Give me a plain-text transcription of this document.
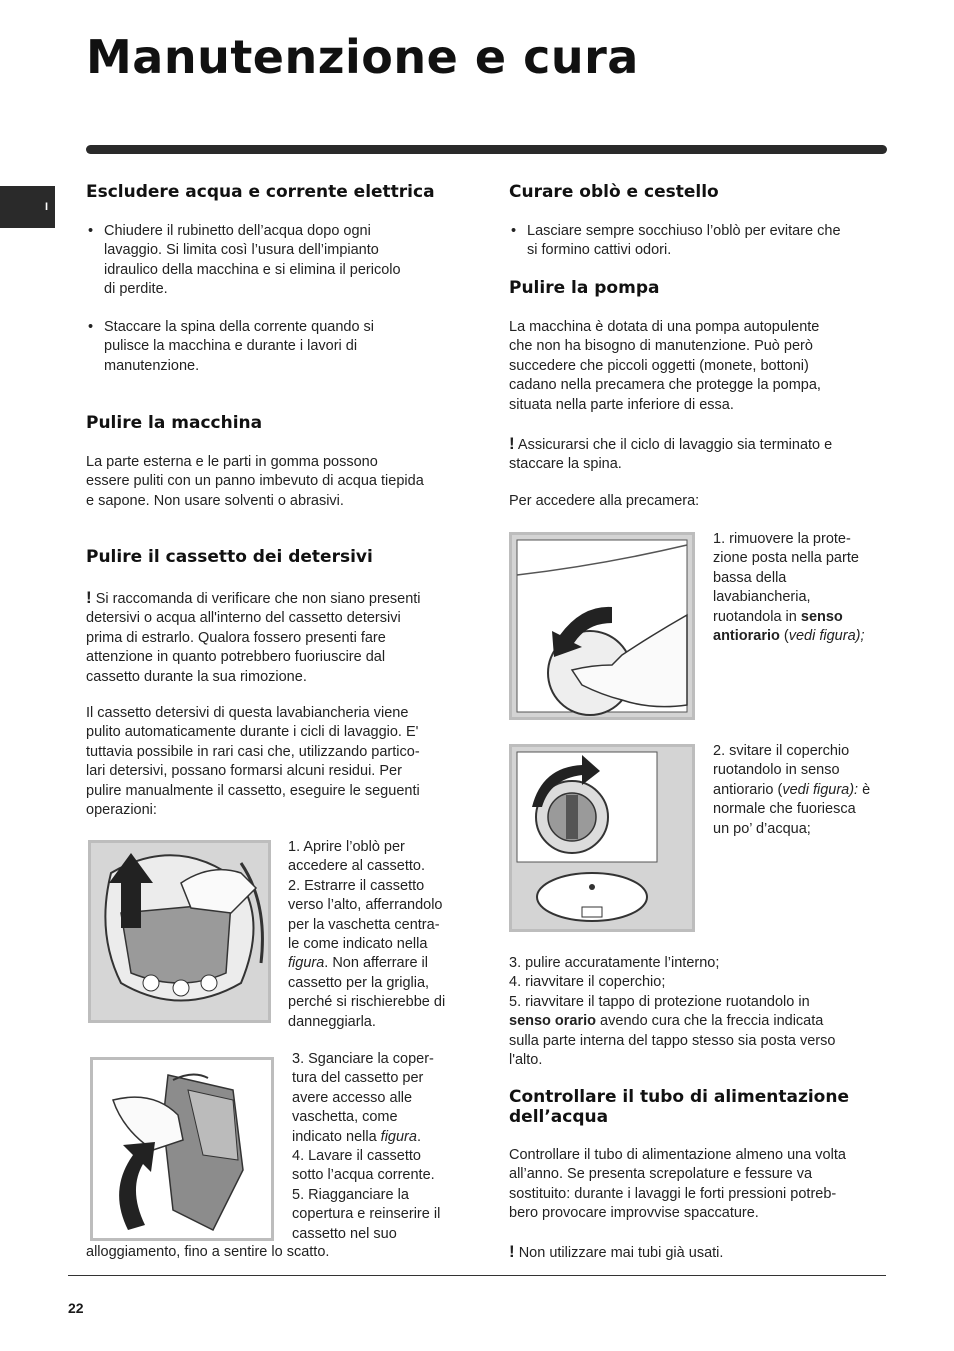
Manutenzione e cura
I
Escludere acqua e corrente elettrica
• Chiudere il rubinetto dell’acqua dopo ogni
lavaggio. Si limita così l’usura dell’impianto
idraulico della macchina e si elimina il pericolo
di perdite.
• Staccare la spina della corrente quando si
pulisce la macchina e durante i lavori di
manutenzione.
Pulire la macchina
La parte esterna e le parti in gomma possono
essere puliti con un panno imbevuto di acqua tiepida
e sapone. Non usare solventi o abrasivi.
Pulire il cassetto dei detersivi
! Si raccomanda di verificare che non siano presenti
detersivi o acqua all'interno del cassetto detersivi
prima di estrarlo. Qualora fossero presenti fare
attenzione in quanto potrebbero fuoriuscire dal
cassetto durante la sua rimozione.
Il cassetto detersivi di questa lavabiancheria viene
pulito automaticamente durante i cicli di lavaggio. E'
tuttavia possibile in rari casi che, utilizzando partico-
lari detersivi, possano formarsi alcuni residui. Per
pulire manualmente il cassetto, eseguire le seguenti
operazioni:
1. Aprire l’oblò per
accedere al cassetto.
2. Estrarre il cassetto
verso l’alto, afferrandolo
per la vaschetta centra-
le come indicato nella
figura. Non afferrare il
cassetto per la griglia,
perché si rischierebbe di
danneggiarla.
3. Sganciare la coper-
tura del cassetto per
avere accesso alle
vaschetta, come
indicato nella figura.
4. Lavare il cassetto
sotto l’acqua corrente.
5. Riagganciare la
copertura e reinserire il
cassetto nel suo
alloggiamento, fino a sentire lo scatto.
Curare oblò e cestello
• Lasciare sempre socchiuso l’oblò per evitare che
si formino cattivi odori.
Pulire la pompa
La macchina è dotata di una pompa autopulente
che non ha bisogno di manutenzione. Può però
succedere che piccoli oggetti (monete, bottoni)
cadano nella precamera che protegge la pompa,
situata nella parte inferiore di essa.
! Assicurarsi che il ciclo di lavaggio sia terminato e
staccare la spina.
Per accedere alla precamera:
1. rimuovere la prote-
zione posta nella parte
bassa della
lavabiancheria,
ruotandola in senso
antiorario (vedi figura);
2. svitare il coperchio
ruotandolo in senso
antiorario (vedi figura): è
normale che fuoriesca
un po’ d’acqua;
3. pulire accuratamente l’interno;
4. riavvitare il coperchio;
5. riavvitare il tappo di protezione ruotandolo in
senso orario avendo cura che la freccia indicata
sulla parte interna del tappo stesso sia posta verso
l'alto.
Controllare il tubo di alimentazione
dell’acqua
Controllare il tubo di alimentazione almeno una volta
all’anno. Se presenta screpolature e fessure va
sostituito: durante i lavaggi le forti pressioni potreb-
bero provocare improvvise spaccature.
! Non utilizzare mai tubi già usati.
22
